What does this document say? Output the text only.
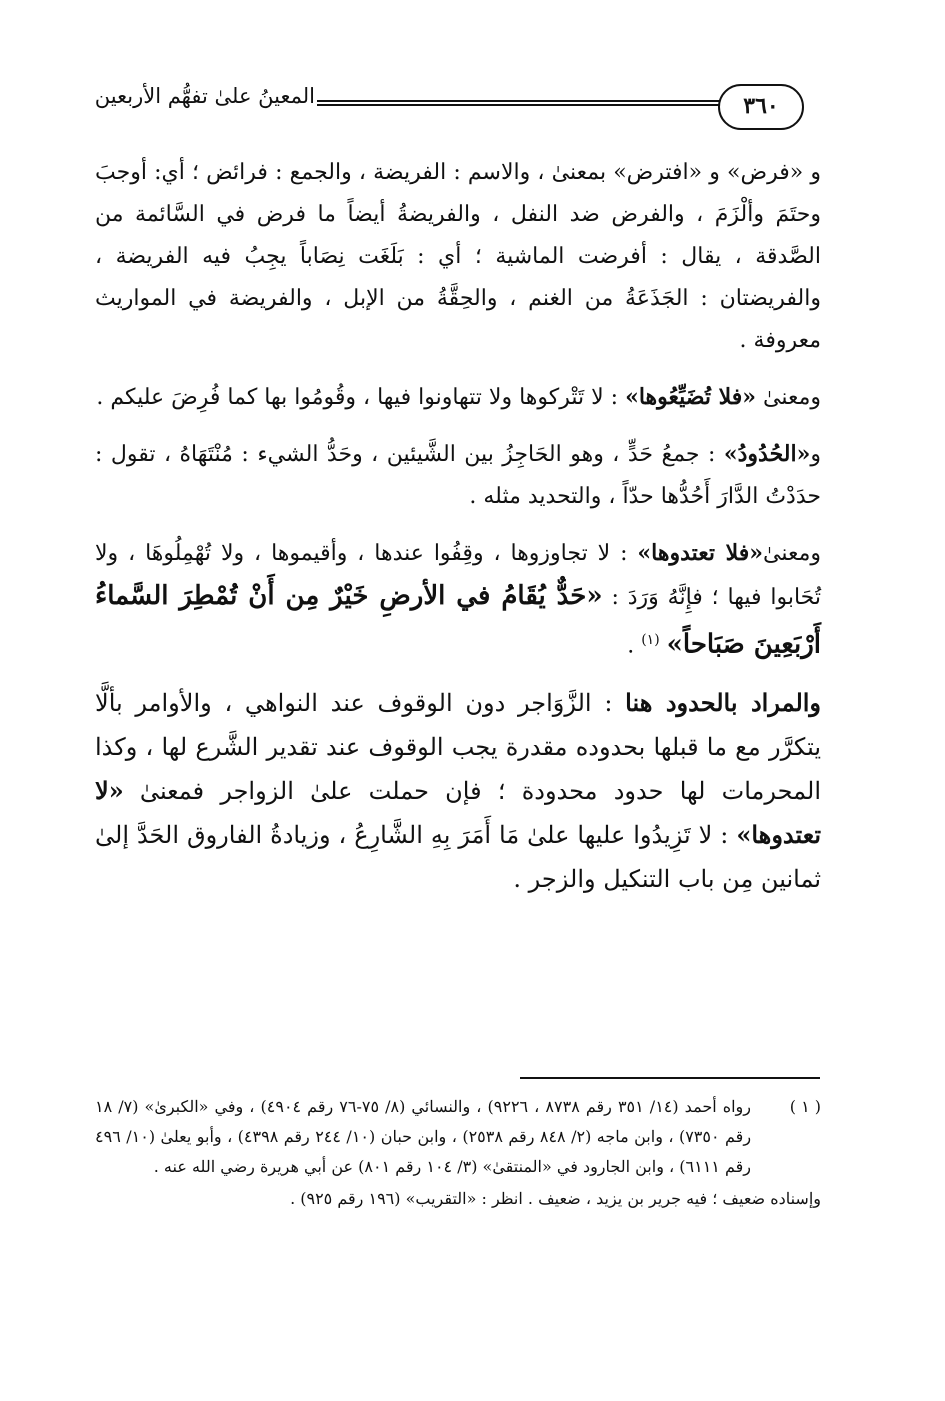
المعينُ علىٰ تفهُّم الأربعين	٣٦٠

و «فرض» و «افترض» بمعنىٰ ، والاسم : الفريضة ، والجمع : فرائض ؛ أي: أوجبَ وحتَمَ وألْزَمَ ، والفرض ضد النفل ، والفريضةُ أيضاً ما فرض في السَّائمة من الصَّدقة ، يقال : أفرضت الماشية ؛ أي : بَلَغَت نِصَاباً يجِبُ فيه الفريضة ، والفريضتان : الجَذَعَةُ من الغنم ، والحِقَّةُ من الإبل ، والفريضة في المواريث معروفة .

ومعنىٰ «فلا تُضَيِّعُوها» : لا تَتْركوها ولا تتهاونوا فيها ، وقُومُوا بها كما فُرِضَ عليكم .

و«الحُدُودُ» : جمعُ حَدٍّ ، وهو الحَاجِزُ بين الشَّيئين ، وحَدُّ الشيء : مُنْتَهَاهُ ، تقول : حدَدْتُ الدَّارَ أَحُدُّها حدّاً ، والتحديد مثله .

ومعنىٰ«فلا تعتدوها» : لا تجاوزوها ، وقِفُوا عندها ، وأقيموها ، ولا تُهْمِلُوهَا ، ولا تُحَابوا فيها ؛ فإِنَّهُ وَرَدَ : «حَدٌّ يُقَامُ في الأرضِ خَيْرٌ مِن أَنْ تُمْطِرَ السَّماءُ أَرْبَعِينَ صَبَاحاً» $^{(١)}$ .

والمراد بالحدود هنا : الزَّوَاجر دون الوقوف عند النواهي ، والأوامر بألَّا يتكرَّر مع ما قبلها بحدوده مقدرة يجب الوقوف عند تقدير الشَّرع لها ، وكذا المحرمات لها حدود محدودة ؛ فإن حملت علىٰ الزواجر فمعنىٰ «لا تعتدوها» : لا تَزِيدُوا عليها علىٰ مَا أَمَرَ بِهِ الشَّارِعُ ، وزيادةُ الفاروق الحَدَّ إلىٰ ثمانين مِن باب التنكيل والزجر .

( ١ )
رواه أحمد (١٤/ ٣٥١ رقم ٨٧٣٨ ، ٩٢٢٦) ، والنسائي (٨/ ٧٥-٧٦ رقم ٤٩٠٤) ، وفي «الكبرىٰ» (٧/ ١٨ رقم ٧٣٥٠) ، وابن ماجه (٢/ ٨٤٨ رقم ٢٥٣٨) ، وابن حبان (١٠/ ٢٤٤ رقم ٤٣٩٨) ، وأبو يعلىٰ (١٠/ ٤٩٦ رقم ٦١١١) ، وابن الجارود في «المنتقىٰ» (٣/ ١٠٤ رقم ٨٠١) عن أبي هريرة رضي الله عنه .
وإسناده ضعيف ؛ فيه جرير بن يزيد ، ضعيف . انظر : «التقريب» (١٩٦ رقم ٩٢٥) .
